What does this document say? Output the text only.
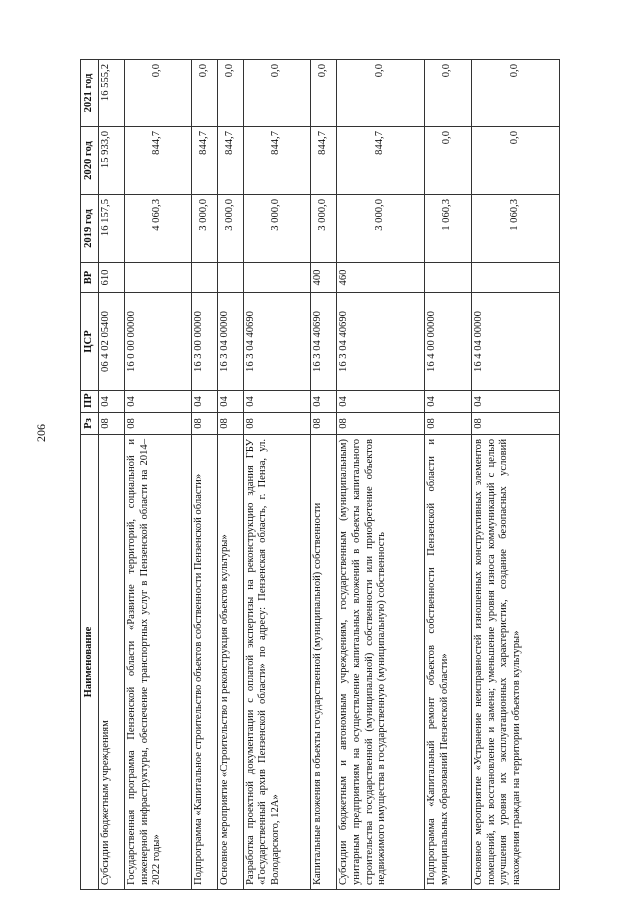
206
Наименование	Рз	ПР	ЦСР	ВР	2019 год	2020 год	2021 год
Субсидии бюджетным учреждениям	08	04	06 4 02 05400	610	16 157,5	15 933,0	16 555,2
Государственная программа Пензенской области «Развитие территорий, социальной и инженерной инфраструктуры, обеспечение транспортных услуг в Пензенской области на 2014–2022 годы»	08	04	16 0 00 00000		4 060,3	844,7	0,0
Подпрограмма «Капитальное строительство объектов собственности Пензенской области»	08	04	16 3 00 00000		3 000,0	844,7	0,0
Основное мероприятие «Строительство и реконструкция объектов культуры»	08	04	16 3 04 00000		3 000,0	844,7	0,0
Разработка проектной документации с оплатой экспертизы на реконструкцию здания ГБУ «Государственный архив Пензенской области» по адресу: Пензенская область, г. Пенза, ул. Володарского, 12А»	08	04	16 3 04 40690		3 000,0	844,7	0,0
Капитальные вложения в объекты государственной (муниципальной) собственности	08	04	16 3 04 40690	400	3 000,0	844,7	0,0
Субсидии бюджетным и автономным учреждениям, государственным (муниципальным) унитарным предприятиям на осуществление капитальных вложений в объекты капитального строительства государственной (муниципальной) собственности или приобретение объектов недвижимого имущества в государственную (муниципальную) собственность	08	04	16 3 04 40690	460	3 000,0	844,7	0,0
Подпрограмма «Капитальный ремонт объектов собственности Пензенской области и муниципальных образований Пензенской области»	08	04	16 4 00 00000		1 060,3	0,0	0,0
Основное мероприятие «Устранение неисправностей изношенных конструктивных элементов помещений, их восстановление и замена; уменьшение уровня износа коммуникаций с целью улучшения уровня их эксплуатационных характеристик, создание безопасных условий нахождения граждан на территории объектов культуры»	08	04	16 4 04 00000		1 060,3	0,0	0,0
